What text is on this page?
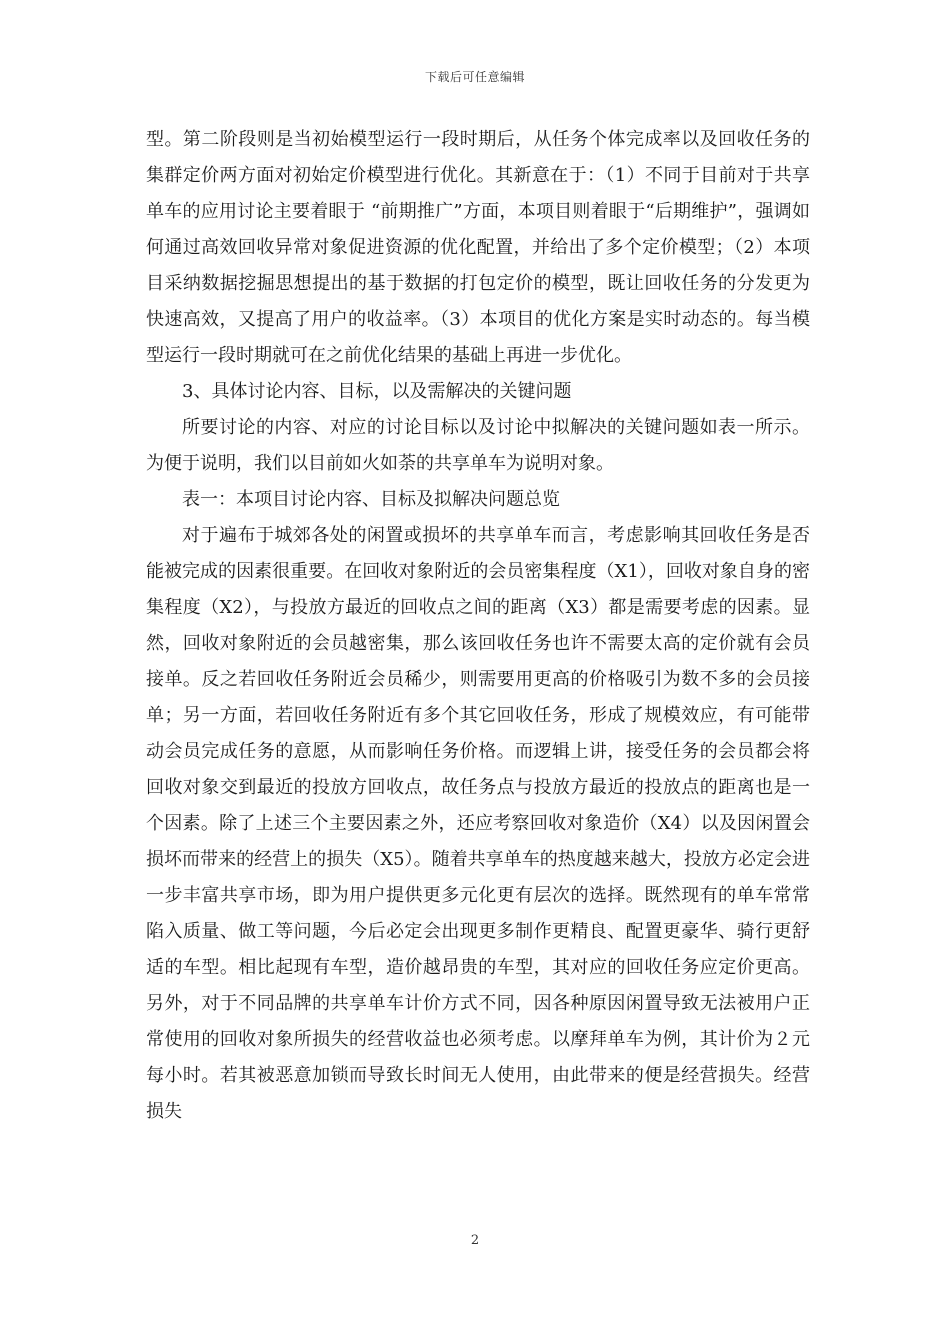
下载后可任意编辑

型。第二阶段则是当初始模型运行一段时期后，从任务个体完成率以及回收任务的集群定价两方面对初始定价模型进行优化。其新意在于：（1）不同于目前对于共享单车的应用讨论主要着眼于 “前期推广”方面，本项目则着眼于“后期维护”，强调如何通过高效回收异常对象促进资源的优化配置，并给出了多个定价模型；（2）本项目采纳数据挖掘思想提出的基于数据的打包定价的模型，既让回收任务的分发更为快速高效，又提高了用户的收益率。（3）本项目的优化方案是实时动态的。每当模型运行一段时期就可在之前优化结果的基础上再进一步优化。

3、具体讨论内容、目标，以及需解决的关键问题

所要讨论的内容、对应的讨论目标以及讨论中拟解决的关键问题如表一所示。为便于说明，我们以目前如火如荼的共享单车为说明对象。

表一：本项目讨论内容、目标及拟解决问题总览

对于遍布于城郊各处的闲置或损坏的共享单车而言，考虑影响其回收任务是否能被完成的因素很重要。在回收对象附近的会员密集程度（X1），回收对象自身的密集程度（X2），与投放方最近的回收点之间的距离（X3）都是需要考虑的因素。显然，回收对象附近的会员越密集，那么该回收任务也许不需要太高的定价就有会员接单。反之若回收任务附近会员稀少，则需要用更高的价格吸引为数不多的会员接单；另一方面，若回收任务附近有多个其它回收任务，形成了规模效应，有可能带动会员完成任务的意愿，从而影响任务价格。而逻辑上讲，接受任务的会员都会将回收对象交到最近的投放方回收点，故任务点与投放方最近的投放点的距离也是一个因素。除了上述三个主要因素之外，还应考察回收对象造价（X4）以及因闲置会损坏而带来的经营上的损失（X5）。随着共享单车的热度越来越大，投放方必定会进一步丰富共享市场，即为用户提供更多元化更有层次的选择。既然现有的单车常常陷入质量、做工等问题，今后必定会出现更多制作更精良、配置更豪华、骑行更舒适的车型。相比起现有车型，造价越昂贵的车型，其对应的回收任务应定价更高。另外，对于不同品牌的共享单车计价方式不同，因各种原因闲置导致无法被用户正常使用的回收对象所损失的经营收益也必须考虑。以摩拜单车为例，其计价为２元每小时。若其被恶意加锁而导致长时间无人使用，由此带来的便是经营损失。经营损失

2
